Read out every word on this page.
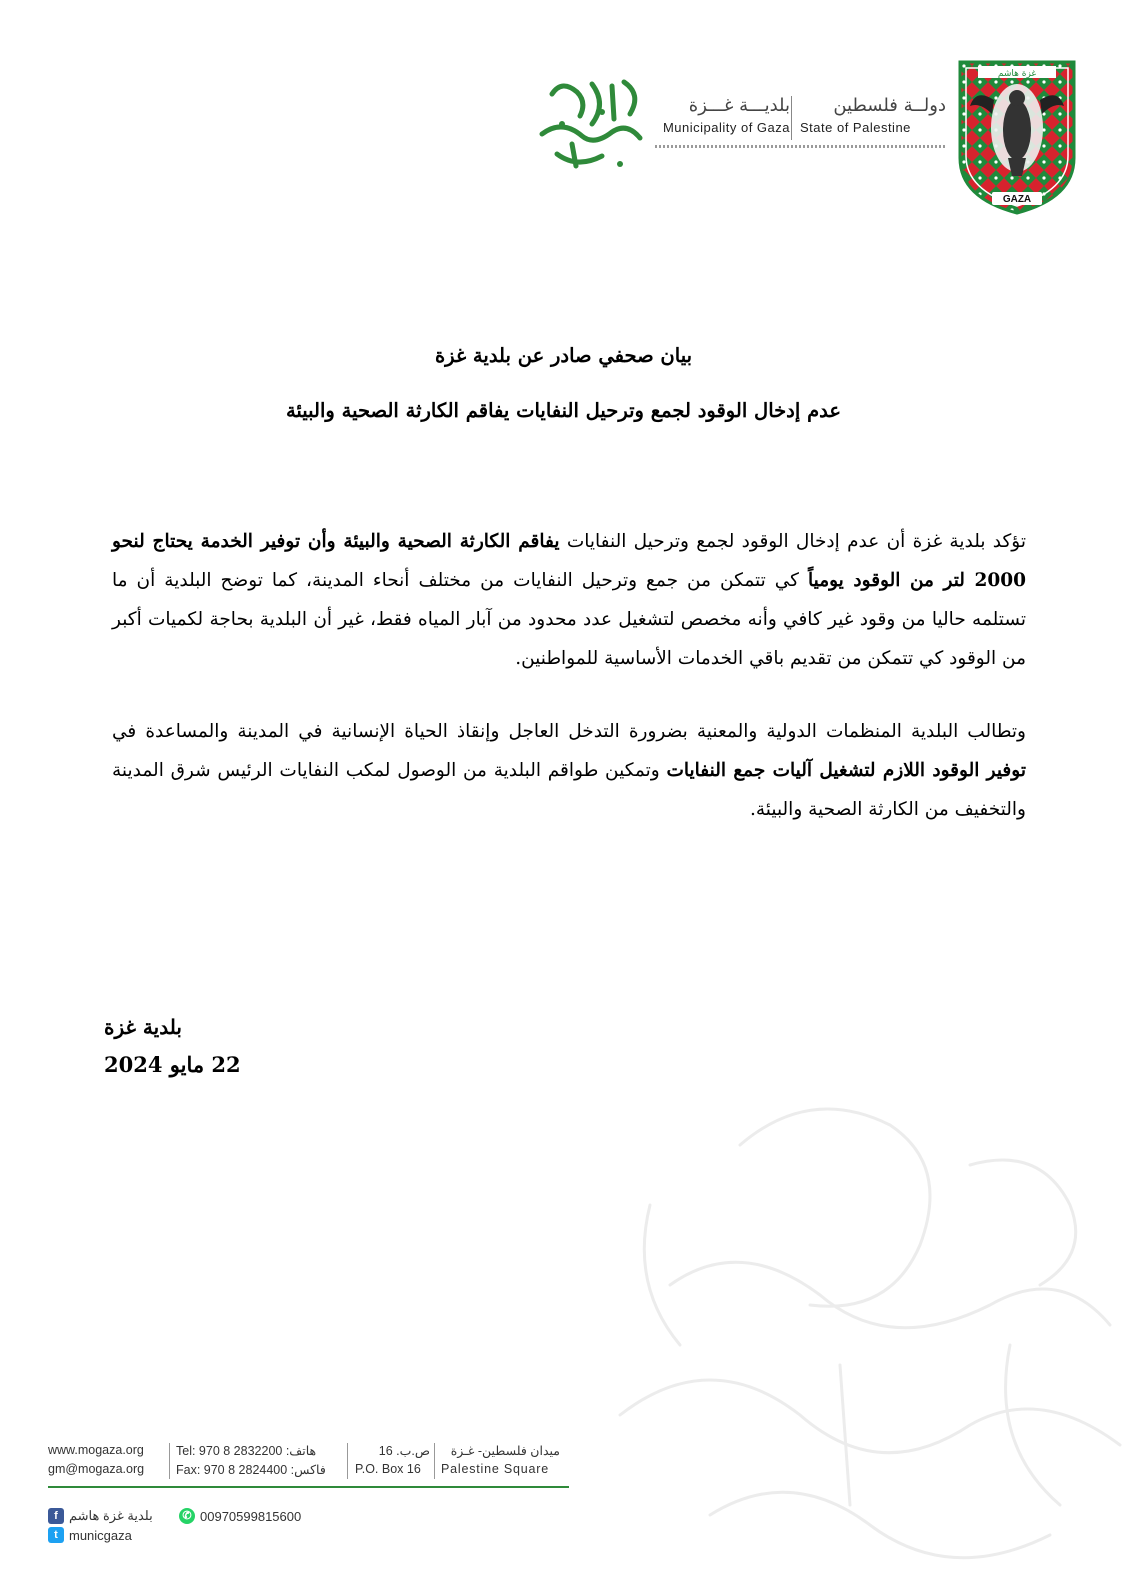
غزة هاشم
GAZA
دولــة فلسطين
State of Palestine
بلديـــة غـــزة
Municipality of Gaza
بيان صحفي صادر عن بلدية غزة
عدم إدخال الوقود لجمع وترحيل النفايات يفاقم الكارثة الصحية والبيئة
تؤكد بلدية غزة أن عدم إدخال الوقود لجمع وترحيل النفايات يفاقم الكارثة الصحية والبيئة وأن توفير الخدمة يحتاج لنحو 2000 لتر من الوقود يومياً كي تتمكن من جمع وترحيل النفايات من مختلف أنحاء المدينة، كما توضح البلدية أن ما تستلمه حاليا من وقود غير كافي وأنه مخصص لتشغيل عدد محدود من آبار المياه فقط، غير أن البلدية بحاجة لكميات أكبر من الوقود كي تتمكن من تقديم باقي الخدمات الأساسية للمواطنين.
وتطالب البلدية المنظمات الدولية والمعنية بضرورة التدخل العاجل وإنقاذ الحياة الإنسانية في المدينة والمساعدة في توفير الوقود اللازم لتشغيل آليات جمع النفايات وتمكين طواقم البلدية من الوصول لمكب النفايات الرئيس شرق المدينة والتخفيف من الكارثة الصحية والبيئة.
بلدية غزة
22 مايو 2024
www.mogaza.org
gm@mogaza.org
Tel: 970 8 2832200 :هاتف
Fax: 970 8 2824400 :فاكس
ص.ب. 16
P.O. Box 16
ميدان فلسطين- غـزة
Palestine Square
f بلدية غزة هاشم
t municgaza
✆ 00970599815600
